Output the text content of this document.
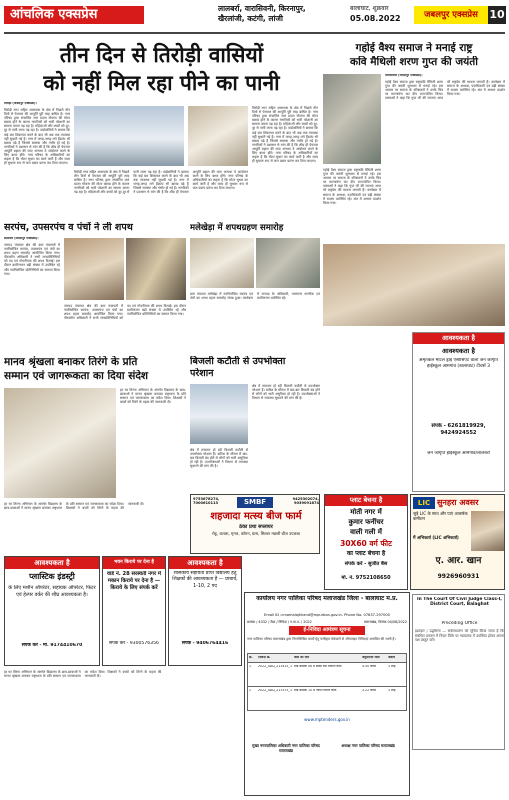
आंचलिक एक्सप्रेस	लालबर्रा, वारासिवनी, किरनापुर,
खैरलांजी, कटंगी, लांजी
बालाघाट, शुक्रवार
05.08.2022	जबलपुर एक्सप्रेस	10
तीन दिन से तिरोड़ी वासियों
को नहीं मिल रहा पीने का पानी
तिरोड़ी (जबलपुर एक्सप्रेस)।
तिरोड़ी नगर सहित आसपास के क्षेत्र में पिछले तीन दिनों से पेयजल की आपूर्ति पूरी तरह बाधित है। नगर परिषद द्वारा संचालित जल प्रदाय योजना की मोटर खराब होने के कारण नागरिकों को भारी परेशानी का सामना करना पड़ रहा है। महिलाओं और बच्चों को दूर-दूर से पानी लाना पड़ रहा है। वार्डवासियों ने बताया कि कई बार शिकायत करने के बाद भी अब तक व्यवस्था नहीं सुधारी गई है। नगर में जगह-जगह लगे हैंडपंप भी खराब पड़े हैं जिससे समस्या और गंभीर हो गई है। नागरिकों ने प्रशासन से मांग की है कि शीघ्र ही पेयजल आपूर्ति बहाल की जाए अन्यथा वे आंदोलन करने के लिए बाध्य होंगे। नगर परिषद के अधिकारियों का कहना है कि मोटर सुधार का कार्य जारी है और जल्द ही सुचारू रूप से जल प्रदाय प्रारंभ कर दिया जाएगा।
तिरोड़ी नगर सहित आसपास के क्षेत्र में पिछले तीन दिनों से पेयजल की आपूर्ति पूरी तरह बाधित है। नगर परिषद द्वारा संचालित जल प्रदाय योजना की मोटर खराब होने के कारण नागरिकों को भारी परेशानी का सामना करना पड़ रहा है। महिलाओं और बच्चों को दूर-दूर से पानी लाना पड़ रहा है। वार्डवासियों ने बताया कि कई बार शिकायत करने के बाद भी अब तक व्यवस्था नहीं सुधारी गई है। नगर में जगह-जगह लगे हैंडपंप भी खराब पड़े हैं जिससे समस्या और गंभीर हो गई है। नागरिकों ने प्रशासन से मांग की है कि शीघ्र ही पेयजल आपूर्ति बहाल की जाए अन्यथा वे आंदोलन करने के लिए बाध्य होंगे। नगर परिषद के अधिकारियों का कहना है कि मोटर सुधार का कार्य जारी है और जल्द ही सुचारू रूप से जल प्रदाय प्रारंभ कर दिया जाएगा।
तिरोड़ी नगर सहित आसपास के क्षेत्र में पिछले तीन दिनों से पेयजल की आपूर्ति पूरी तरह बाधित है। नगर परिषद द्वारा संचालित जल प्रदाय योजना की मोटर खराब होने के कारण नागरिकों को भारी परेशानी का सामना करना पड़ रहा है। महिलाओं और बच्चों को दूर-दूर से पानी लाना पड़ रहा है। वार्डवासियों ने बताया कि कई बार शिकायत करने के बाद भी अब तक व्यवस्था नहीं सुधारी गई है। नगर में जगह-जगह लगे हैंडपंप भी खराब पड़े हैं जिससे समस्या और गंभीर हो गई है। नागरिकों ने प्रशासन से मांग की है कि शीघ्र ही पेयजल आपूर्ति बहाल की जाए अन्यथा वे आंदोलन करने के लिए बाध्य होंगे। नगर परिषद के अधिकारियों का कहना है कि मोटर सुधार का कार्य जारी है और जल्द ही सुचारू रूप से जल प्रदाय प्रारंभ कर दिया जाएगा।
गहोई वैश्य समाज ने मनाई राष्ट्र
कवि मैथिली शरण गुप्त की जयंती
वारासिवनी (जबलपुर एक्सप्रेस)।
गहोई वैश्य समाज द्वारा राष्ट्रकवि मैथिली शरण गुप्त की जयंती धूमधाम से मनाई गई। इस अवसर पर समाज के वरिष्ठजनों ने उनके चित्र पर माल्यार्पण कर दीप प्रज्ज्वलित किया। वक्ताओं ने कहा कि गुप्त जी की रचनाएं आज भी राष्ट्रप्रेम की भावना जगाती हैं। कार्यक्रम में समाज के अध्यक्ष, पदाधिकारी एवं बड़ी संख्या में सदस्य उपस्थित रहे। अंत में आभार प्रदर्शन किया गया।
गहोई वैश्य समाज द्वारा राष्ट्रकवि मैथिली शरण गुप्त की जयंती धूमधाम से मनाई गई। इस अवसर पर समाज के वरिष्ठजनों ने उनके चित्र पर माल्यार्पण कर दीप प्रज्ज्वलित किया। वक्ताओं ने कहा कि गुप्त जी की रचनाएं आज भी राष्ट्रप्रेम की भावना जगाती हैं। कार्यक्रम में समाज के अध्यक्ष, पदाधिकारी एवं बड़ी संख्या में सदस्य उपस्थित रहे। अंत में आभार प्रदर्शन किया गया।
सरपंच, उपसरपंच व पंचों ने ली शपथ
लालबर्रा (जबलपुर एक्सप्रेस)।
जनपद पंचायत क्षेत्र की ग्राम पंचायतों में नवनिर्वाचित सरपंच, उपसरपंच एवं पंचों का शपथ ग्रहण समारोह आयोजित किया गया। पीठासीन अधिकारी ने सभी जनप्रतिनिधियों को पद एवं गोपनीयता की शपथ दिलाई। इस दौरान ग्रामीणजन बड़ी संख्या में उपस्थित रहे और नवनिर्वाचित प्रतिनिधियों का स्वागत किया गया।
जनपद पंचायत क्षेत्र की ग्राम पंचायतों में नवनिर्वाचित सरपंच, उपसरपंच एवं पंचों का शपथ ग्रहण समारोह आयोजित किया गया। पीठासीन अधिकारी ने सभी जनप्रतिनिधियों को पद एवं गोपनीयता की शपथ दिलाई। इस दौरान ग्रामीणजन बड़ी संख्या में उपस्थित रहे और नवनिर्वाचित प्रतिनिधियों का स्वागत किया गया।
मलेखेड़ा में शपथग्रहण समारोह
ग्राम पंचायत मलेखेड़ा में नवनिर्वाचित सरपंच एवं पंचों का शपथ ग्रहण समारोह संपन्न हुआ। कार्यक्रम में जनपद के अधिकारी, गणमान्य नागरिक एवं ग्रामीणजन उपस्थित रहे।
मानव श्रृंखला बनाकर तिरंगे के प्रति
सम्मान एवं जागरूकता का दिया संदेश
हर घर तिरंगा अभियान के अंतर्गत विद्यालय के छात्र-छात्राओं ने मानव श्रृंखला बनाकर राष्ट्रध्वज के प्रति सम्मान एवं जागरूकता का संदेश दिया। शिक्षकों ने बच्चों को तिरंगे के महत्व की जानकारी दी।
हर घर तिरंगा अभियान के अंतर्गत विद्यालय के छात्र-छात्राओं ने मानव श्रृंखला बनाकर राष्ट्रध्वज के प्रति सम्मान एवं जागरूकता का संदेश दिया। शिक्षकों ने बच्चों को तिरंगे के महत्व की जानकारी दी।
बिजली कटौती से उपभोक्ता
परेशान
क्षेत्र में लगातार हो रही बिजली कटौती से उपभोक्ता परेशान हैं। बारिश के मौसम में बार-बार बिजली बंद होने से लोगों को भारी असुविधा हो रही है। उपभोक्ताओं ने विभाग से व्यवस्था सुधारने की मांग की है।
क्षेत्र में लगातार हो रही बिजली कटौती से उपभोक्ता परेशान हैं। बारिश के मौसम में बार-बार बिजली बंद होने से लोगों को भारी असुविधा हो रही है। उपभोक्ताओं ने विभाग से व्यवस्था सुधारने की मांग की है।
9753678274, 7000610113	SMBF	9425302074, 9039091874
शहजादा मत्स्य बीज फार्म
ठेका प्रथा सप्लायर
रोहू, कतला, मृगल, कॉमन, ग्रास, सिल्वर मछली बीज उपलब्ध
प्लाट बेचना है
मोती नगर में
कुमार फर्नीचर
वाली गली में
30X60 वर्ग फीट
का प्लाट बेचना है
संपर्क करें - सुजीत बैस
मो. नं. 9752108650
LIC सुनहरा अवसर
जुडे़ LIC के साथ और पाएं आकर्षक कमीशन
मैं अभिकर्ता (LIC अभिकर्ता)
ए. आर. खान
9926960931
आवश्यकता है
आवश्यकता है
अमृतकल मोटल ड्राइ एसोसिएट वाला जन जागृति हाईस्कूल आमगांव (बालाघाट) टीचर्स 3
संपर्क - 6261819929, 9424924552
जन जागृति हाईस्कूल आमगांव/लालबर्रा
In The Court Of Civil Judge Class-I, District Court, Balaghat
Preceding Office
इश्तहार / उद्घोषणा — सर्वसाधारण को सूचित किया जाता है कि संबंधित प्रकरण में नियत तिथि पर न्यायालय में उपस्थित होकर अपना पक्ष प्रस्तुत करें।
आवश्यकता है
प्लास्टिक इंडस्ट्री
के लिए मशीन ऑपरेटर, सहायक ऑपरेटर, फिटर एवं हेल्पर वर्कर की शीघ्र आवश्यकता है।
संपर्क करें - मो. 9174410670
भवन किराये पर देना है
वार्ड नं. 28 सरस्वती नगर में मकान किराये पर देना है — किराये के लिए संपर्क करें
संपर्क करें - 9300576356
आवश्यकता है
शासकीय सहायता प्राप्त विद्यालय हेतु शिक्षकों की आवश्यकता है — प्राचार्य, 1-10, 2 पद
संपर्क - 9406764416
कार्यालय नगर पालिका परिषद मलाजखंड जिला - बालाघाट म.प्र.
Email ID :cmomalajkhand@mpurban.gov.in. Phone No. 07637-297000
क्रमांक / 4032 / टेंडर / निविदा / न.पा.प. / 2022	मलाजखंड, दिनांक 04/08/2022
ई-निविदा आमंत्रण सूचना
नगर पालिका परिषद मलाजखंड द्वारा निम्नलिखित कार्यों हेतु पंजीकृत ठेकेदारों से ऑनलाइन निविदाएं आमंत्रित की जाती हैं।
क्र.	निविदा क्र.	कार्य का नाम	अनुमानित राशि	अवधि
1	2022_UAD_213415_1 वार्ड क्रमांक 06 में सीसी रोड निर्माण कार्य	4.50 लाख	3 माह
2	2022_UAD_213375_1 वार्ड क्रमांक 10 में नाली निर्माण कार्य	3.22 लाख	3 माह
www.mptenders.gov.in
मुख्य नगरपालिका अधिकारी नगर पालिका परिषद मलाजखंड
अध्यक्ष नगर पालिका परिषद मलाजखंड
हर घर तिरंगा अभियान के अंतर्गत विद्यालय के छात्र-छात्राओं ने मानव श्रृंखला बनाकर राष्ट्रध्वज के प्रति सम्मान एवं जागरूकता का संदेश दिया। शिक्षकों ने बच्चों को तिरंगे के महत्व की जानकारी दी।
